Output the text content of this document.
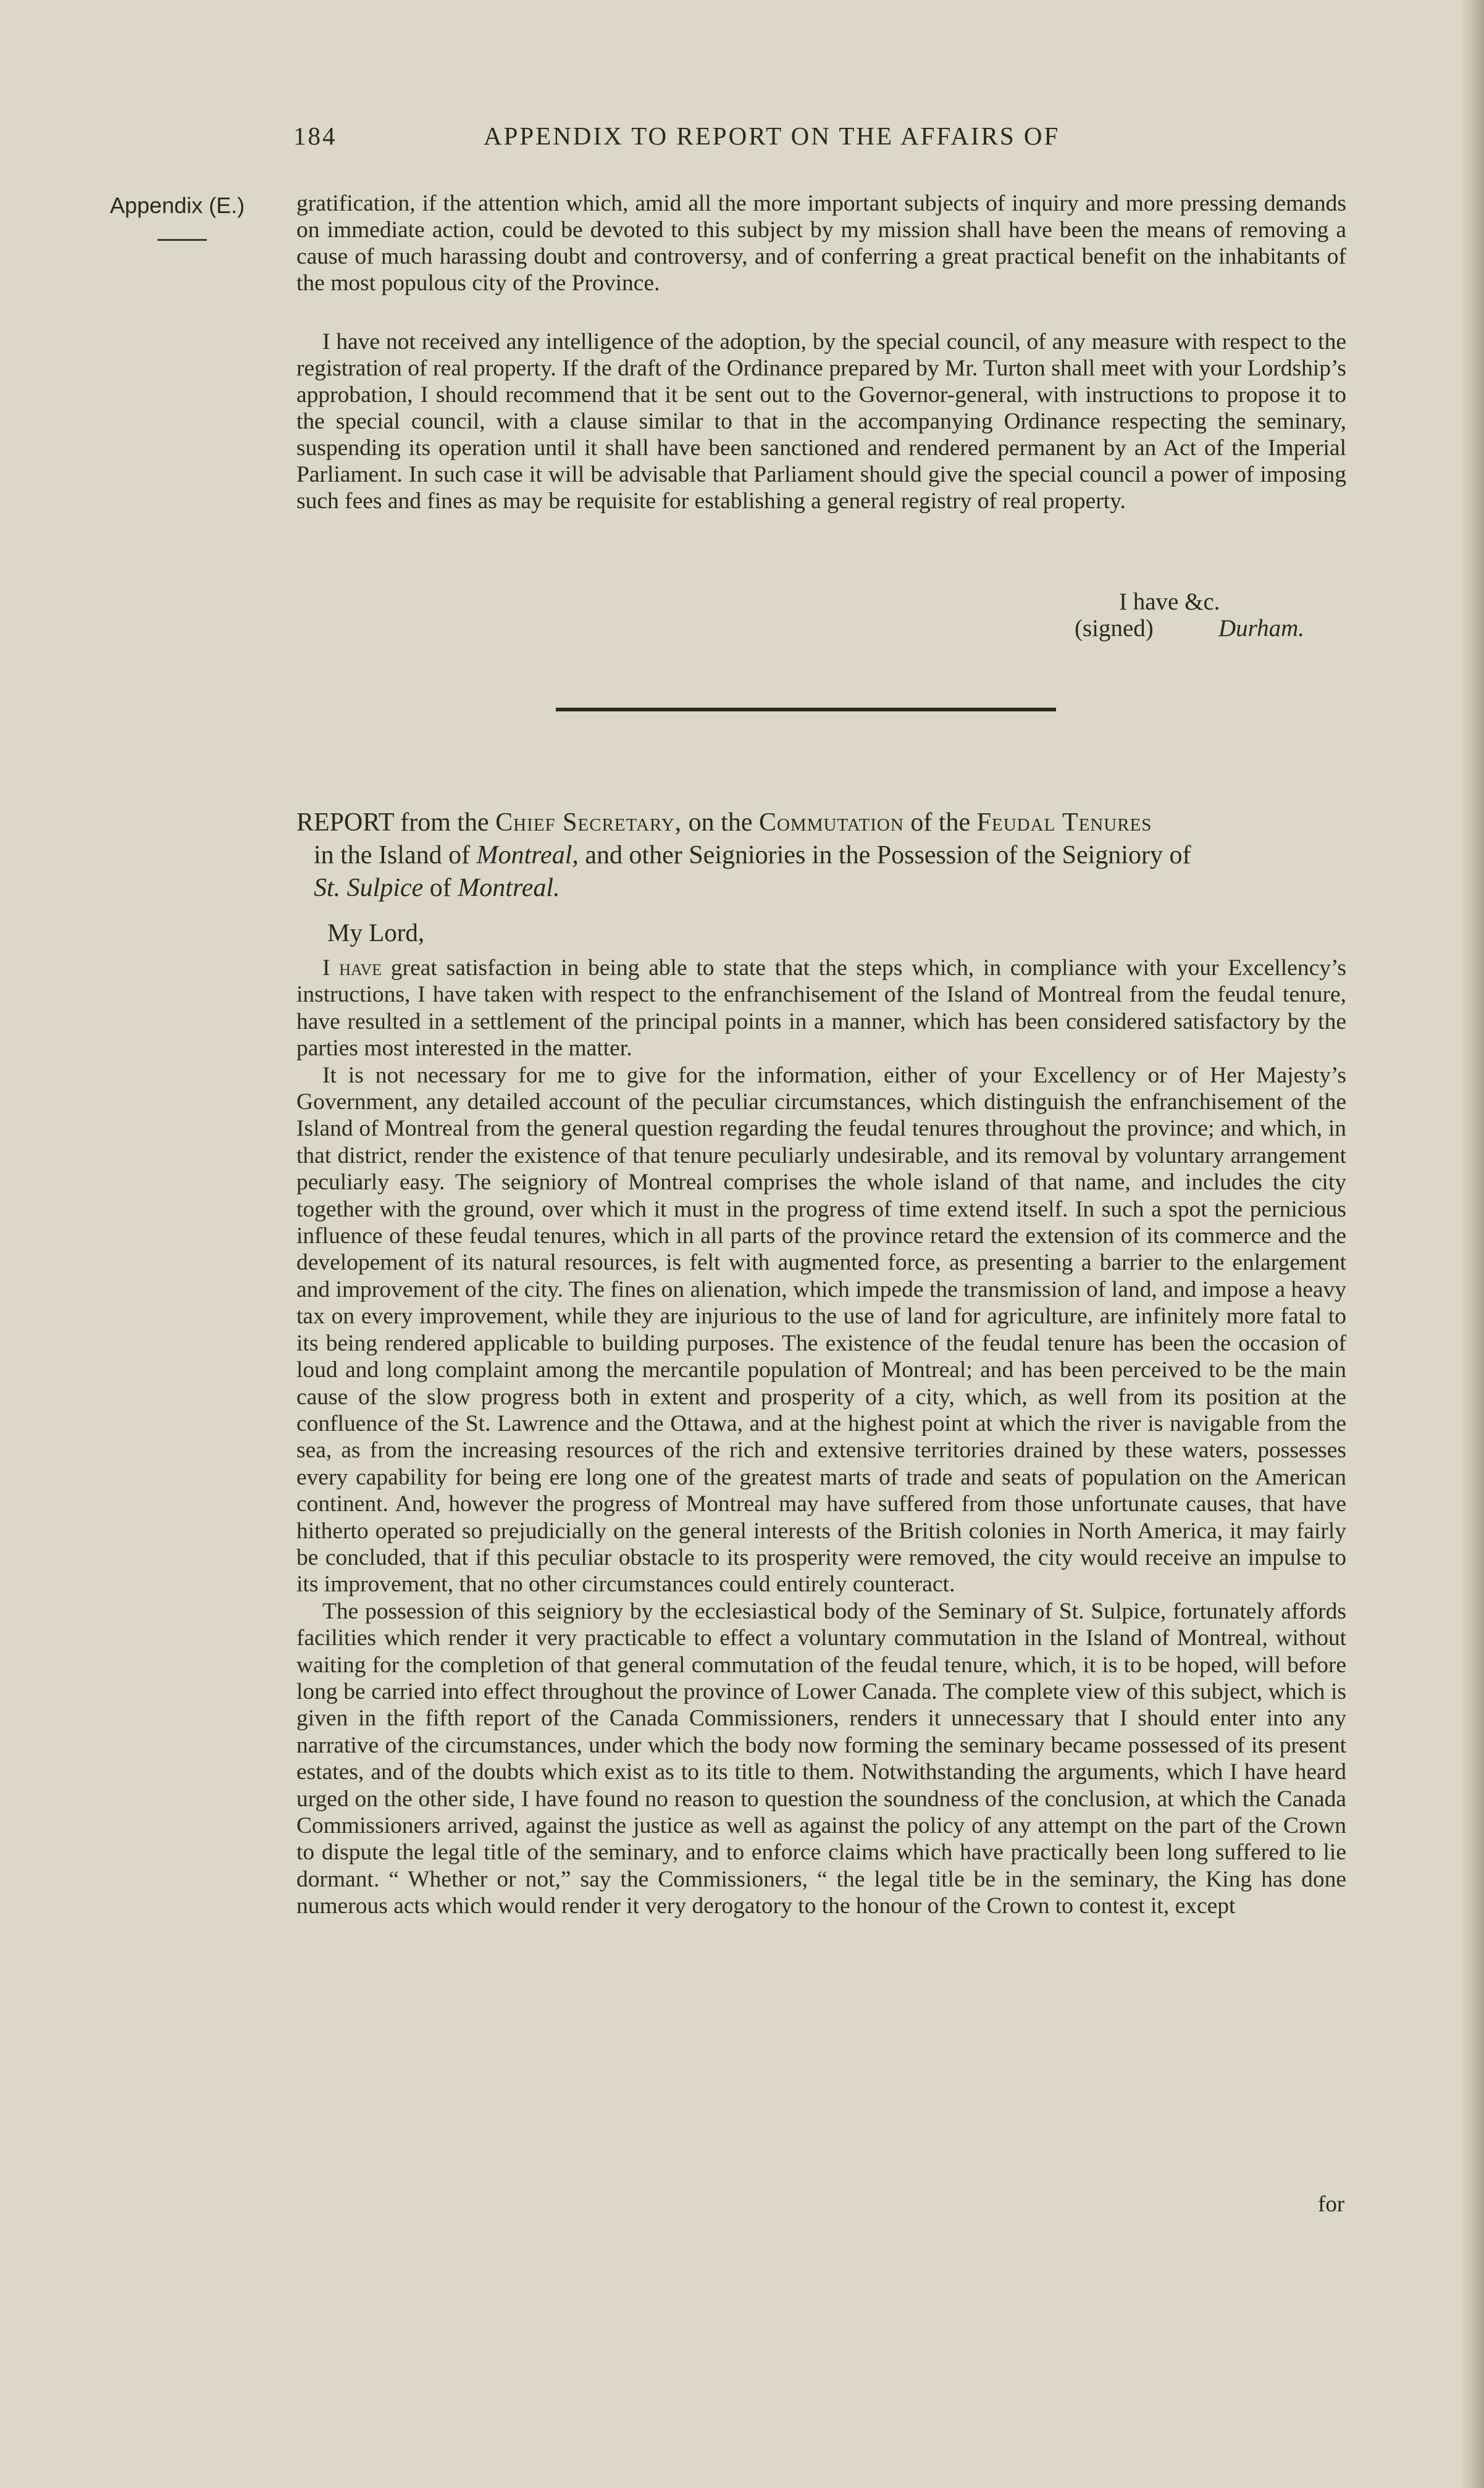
184	APPENDIX TO REPORT ON THE AFFAIRS OF
Appendix (E.) gratification, if the attention which, amid all the more important subjects of inquiry and more pressing demands on immediate action, could be devoted to this subject by my mission shall have been the means of removing a cause of much harassing doubt and controversy, and of conferring a great practical benefit on the inhabitants of the most populous city of the Province.

I have not received any intelligence of the adoption, by the special council, of any measure with respect to the registration of real property. If the draft of the Ordinance prepared by Mr. Turton shall meet with your Lordship’s approbation, I should recommend that it be sent out to the Governor-general, with instructions to propose it to the special council, with a clause similar to that in the accompanying Ordinance respecting the seminary, suspending its operation until it shall have been sanctioned and rendered permanent by an Act of the Imperial Parliament. In such case it will be advisable that Parliament should give the special council a power of imposing such fees and fines as may be requisite for establishing a general registry of real property.

I have &c.
(signed)	Durham.

REPORT from the Chief Secretary, on the Commutation of the Feudal Tenures
in the Island of Montreal, and other Seigniories in the Possession of the Seigniory of
St. Sulpice of Montreal.

My Lord,

I have great satisfaction in being able to state that the steps which, in compliance with your Excellency’s instructions, I have taken with respect to the enfranchisement of the Island of Montreal from the feudal tenure, have resulted in a settlement of the principal points in a manner, which has been considered satisfactory by the parties most interested in the matter.

It is not necessary for me to give for the information, either of your Excellency or of Her Majesty’s Government, any detailed account of the peculiar circumstances, which distinguish the enfranchisement of the Island of Montreal from the general question regarding the feudal tenures throughout the province; and which, in that district, render the existence of that tenure peculiarly undesirable, and its removal by voluntary arrangement peculiarly easy. The seigniory of Montreal comprises the whole island of that name, and includes the city together with the ground, over which it must in the progress of time extend itself. In such a spot the pernicious influence of these feudal tenures, which in all parts of the province retard the extension of its commerce and the developement of its natural resources, is felt with augmented force, as presenting a barrier to the enlargement and improvement of the city. The fines on alienation, which impede the transmission of land, and impose a heavy tax on every improvement, while they are injurious to the use of land for agriculture, are infinitely more fatal to its being rendered applicable to building purposes. The existence of the feudal tenure has been the occasion of loud and long complaint among the mercantile population of Montreal; and has been perceived to be the main cause of the slow progress both in extent and prosperity of a city, which, as well from its position at the confluence of the St. Lawrence and the Ottawa, and at the highest point at which the river is navigable from the sea, as from the increasing resources of the rich and extensive territories drained by these waters, possesses every capability for being ere long one of the greatest marts of trade and seats of population on the American continent. And, however the progress of Montreal may have suffered from those unfortunate causes, that have hitherto operated so prejudicially on the general interests of the British colonies in North America, it may fairly be concluded, that if this peculiar obstacle to its prosperity were removed, the city would receive an impulse to its improvement, that no other circumstances could entirely counteract.

The possession of this seigniory by the ecclesiastical body of the Seminary of St. Sulpice, fortunately affords facilities which render it very practicable to effect a voluntary commutation in the Island of Montreal, without waiting for the completion of that general commutation of the feudal tenure, which, it is to be hoped, will before long be carried into effect throughout the province of Lower Canada. The complete view of this subject, which is given in the fifth report of the Canada Commissioners, renders it unnecessary that I should enter into any narrative of the circumstances, under which the body now forming the seminary became possessed of its present estates, and of the doubts which exist as to its title to them. Notwithstanding the arguments, which I have heard urged on the other side, I have found no reason to question the soundness of the conclusion, at which the Canada Commissioners arrived, against the justice as well as against the policy of any attempt on the part of the Crown to dispute the legal title of the seminary, and to enforce claims which have practically been long suffered to lie dormant. “ Whether or not,” say the Commissioners, “ the legal title be in the seminary, the King has done numerous acts which would render it very derogatory to the honour of the Crown to contest it, except

for
